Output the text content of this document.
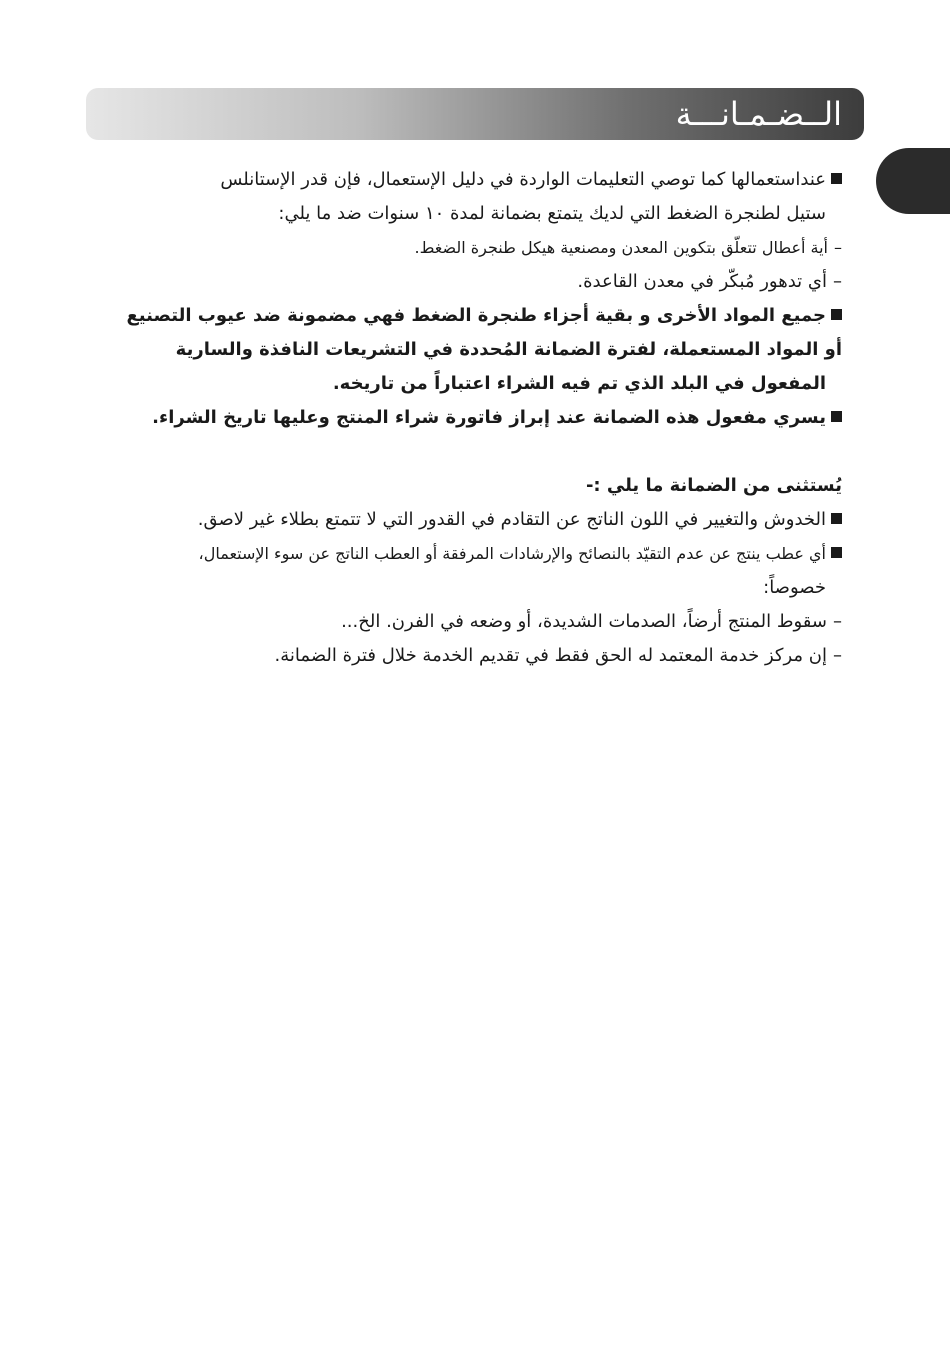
الــضـمـانـــة
عنداستعمالها كما توصي التعليمات الواردة في دليل الإستعمال، فإن قدر الإستانلس
ستيل لطنجرة الضغط التي لديك يتمتع بضمانة لمدة ١٠ سنوات ضد ما يلي:
–أية أعطال تتعلّق بتكوين المعدن ومصنعية هيكل طنجرة الضغط.
–أي تدهور مُبكّر في معدن القاعدة.
جميع المواد الأخرى و بقية أجزاء طنجرة الضغط فهي مضمونة ضد عيوب التصنيع
أو المواد المستعملة، لفترة الضمانة المُحددة في التشريعات النافذة والسارية
المفعول في البلد الذي تم فيه الشراء اعتباراً من تاريخه.
يسري مفعول هذه الضمانة عند إبراز فاتورة شراء المنتج وعليها تاريخ الشراء.
يُستثنى من الضمانة ما يلي :-
الخدوش والتغيير في اللون الناتج عن التقادم في القدور التي لا تتمتع بطلاء غير لاصق.
أي عطب ينتج عن عدم التقيّد بالنصائح والإرشادات المرفقة أو العطب الناتج عن سوء الإستعمال،
خصوصاً:
–سقوط المنتج أرضاً، الصدمات الشديدة، أو وضعه في الفرن. الخ...
–إن مركز خدمة المعتمد له الحق فقط في تقديم الخدمة خلال فترة الضمانة.
